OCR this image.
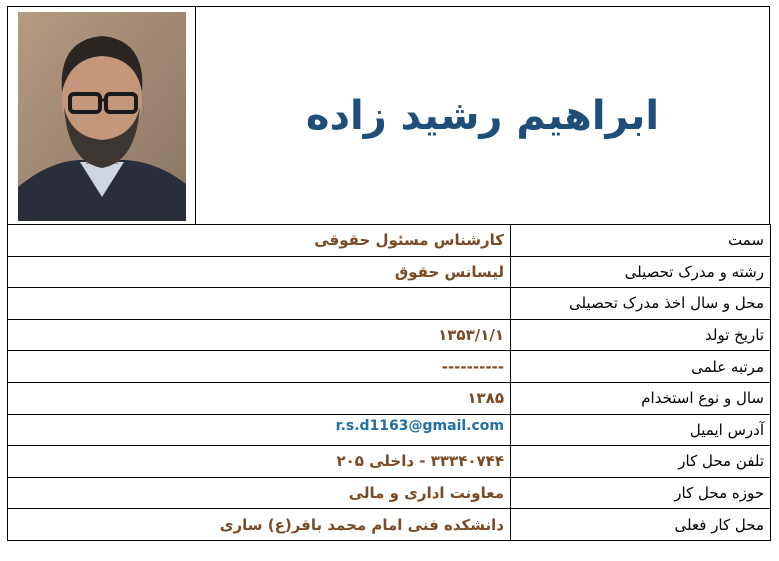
ابراهیم رشید زاده
کارشناس مسئول حقوقی	سمت
لیسانس حقوق	رشته و مدرک تحصیلی
	محل و سال اخذ مدرک تحصیلی
۱۳۵۳/۱/۱	تاریخ تولد
----------	مرتبه علمی
۱۳۸۵	سال و نوع استخدام
r.s.d1163@gmail.com	آدرس ایمیل
۳۳۳۴۰۷۴۴ - داخلی ۲۰۵	تلفن محل کار
معاونت اداری و مالی	حوزه محل کار
دانشکده فنی امام محمد باقر(ع) ساری	محل کار فعلی
